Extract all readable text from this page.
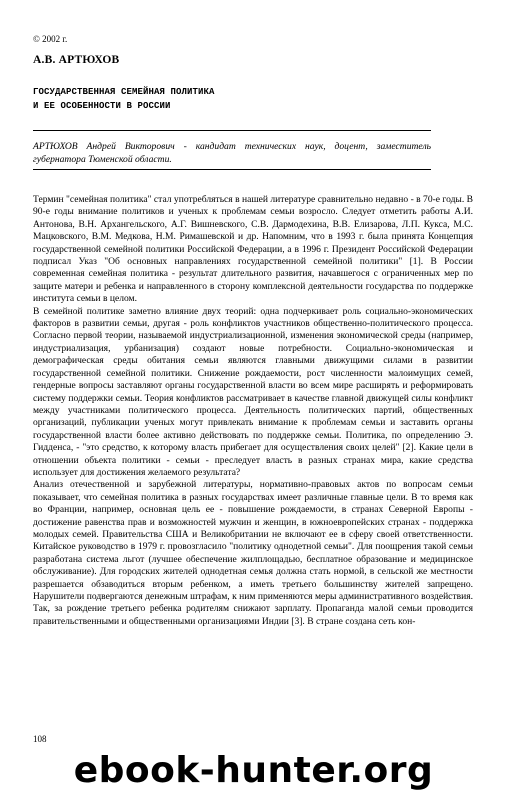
© 2002 г.
А.В. АРТЮХОВ
ГОСУДАРСТВЕННАЯ СЕМЕЙНАЯ ПОЛИТИКА
И ЕЕ ОСОБЕННОСТИ В РОССИИ
АРТЮХОВ Андрей Викторович - кандидат технических наук, доцент, заместитель губернатора Тюменской области.

Термин "семейная политика" стал употребляться в нашей литературе сравнительно недавно - в 70-е годы. В 90-е годы внимание политиков и ученых к проблемам семьи возросло. Следует отметить работы А.И. Антонова, В.Н. Архангельского, А.Г. Вишневского, С.В. Дармодехина, В.В. Елизарова, Л.П. Кукса, М.С. Мацковского, В.М. Медкова, Н.М. Римашевской и др. Напомним, что в 1993 г. была принята Концепция государственной семейной политики Российской Федерации, а в 1996 г. Президент Российской Федерации подписал Указ "Об основных направлениях государственной семейной политики" [1]. В России современная семейная политика - результат длительного развития, начавшегося с ограниченных мер по защите матери и ребенка и направленного в сторону комплексной деятельности государства по поддержке института семьи в целом.

В семейной политике заметно влияние двух теорий: одна подчеркивает роль социально-экономических факторов в развитии семьи, другая - роль конфликтов участников общественно-политического процесса. Согласно первой теории, называемой индустриализационной, изменения экономической среды (например, индустриализация, урбанизация) создают новые потребности. Социально-экономическая и демографическая среды обитания семьи являются главными движущими силами в развитии государственной семейной политики. Снижение рождаемости, рост численности малоимущих семей, гендерные вопросы заставляют органы государственной власти во всем мире расширять и реформировать систему поддержки семьи. Теория конфликтов рассматривает в качестве главной движущей силы конфликт между участниками политического процесса. Деятельность политических партий, общественных организаций, публикации ученых могут привлекать внимание к проблемам семьи и заставить органы государственной власти более активно действовать по поддержке семьи. Политика, по определению Э. Гидденса, - "это средство, к которому власть прибегает для осуществления своих целей" [2]. Какие цели в отношении объекта политики - семьи - преследует власть в разных странах мира, какие средства использует для достижения желаемого результата?

Анализ отечественной и зарубежной литературы, нормативно-правовых актов по вопросам семьи показывает, что семейная политика в разных государствах имеет различные главные цели. В то время как во Франции, например, основная цель ее - повышение рождаемости, в странах Северной Европы - достижение равенства прав и возможностей мужчин и женщин, в южноевропейских странах - поддержка молодых семей. Правительства США и Великобритании не включают ее в сферу своей ответственности. Китайское руководство в 1979 г. провозгласило "политику однодетной семьи". Для поощрения такой семьи разработана система льгот (лучшее обеспечение жилплощадью, бесплатное образование и медицинское обслуживание). Для городских жителей однодетная семья должна стать нормой, в сельской же местности разрешается обзаводиться вторым ребенком, а иметь третьего большинству жителей запрещено. Нарушители подвергаются денежным штрафам, к ним применяются меры административного воздействия. Так, за рождение третьего ребенка родителям снижают зарплату. Пропаганда малой семьи проводится правительственными и общественными организациями Индии [3]. В стране создана сеть кон-

108
ebook-hunter.org
